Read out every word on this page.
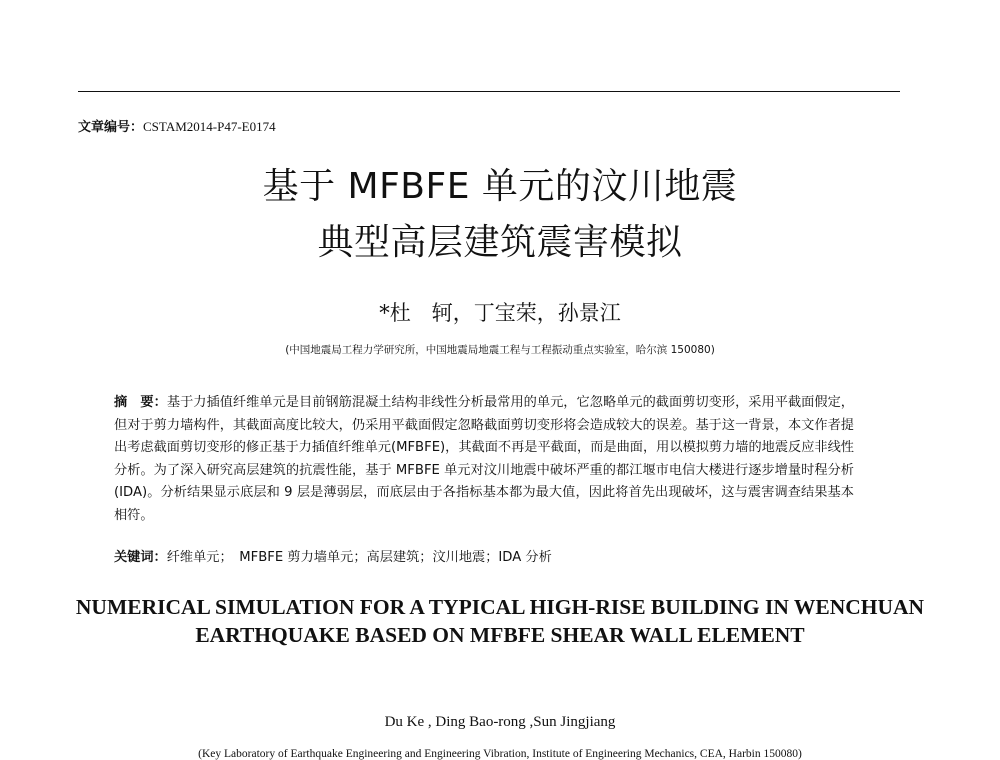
文章编号：CSTAM2014-P47-E0174
基于 MFBFE 单元的汶川地震
典型高层建筑震害模拟
*杜　轲，丁宝荣，孙景江
(中国地震局工程力学研究所，中国地震局地震工程与工程振动重点实验室，哈尔滨 150080)
摘　要：基于力插值纤维单元是目前钢筋混凝土结构非线性分析最常用的单元，它忽略单元的截面剪切变形，采用平截面假定，但对于剪力墙构件，其截面高度比较大，仍采用平截面假定忽略截面剪切变形将会造成较大的误差。基于这一背景，本文作者提出考虑截面剪切变形的修正基于力插值纤维单元(MFBFE)，其截面不再是平截面，而是曲面，用以模拟剪力墙的地震反应非线性分析。为了深入研究高层建筑的抗震性能，基于 MFBFE 单元对汶川地震中破坏严重的都江堰市电信大楼进行逐步增量时程分析(IDA)。分析结果显示底层和 9 层是薄弱层，而底层由于各指标基本都为最大值，因此将首先出现破坏，这与震害调查结果基本相符。
关键词：纤维单元；　MFBFE 剪力墙单元；高层建筑；汶川地震；IDA 分析
NUMERICAL SIMULATION FOR A TYPICAL HIGH-RISE BUILDING IN WENCHUAN EARTHQUAKE BASED ON MFBFE SHEAR WALL ELEMENT
Du Ke , Ding Bao-rong ,Sun Jingjiang
(Key Laboratory of Earthquake Engineering and Engineering Vibration, Institute of Engineering Mechanics, CEA, Harbin 150080)
